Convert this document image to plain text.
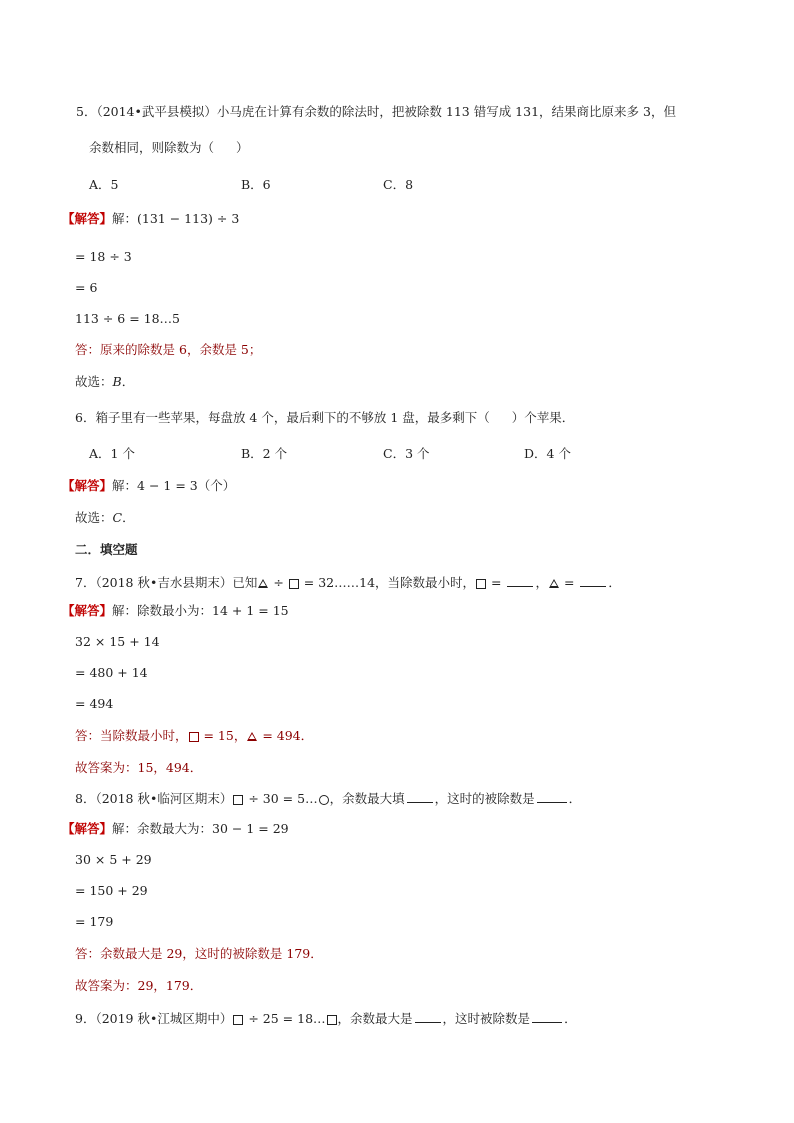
5．（2014•武平县模拟）小马虎在计算有余数的除法时，把被除数 113 错写成 131，结果商比原来多 3，但
余数相同，则除数为（ ）
A．5	B．6	C．8
【解答】解：(131 − 113) ÷ 3
= 18 ÷ 3
= 6
113 ÷ 6 = 18…5
答：原来的除数是 6，余数是 5；
故选：B．
6．箱子里有一些苹果，每盘放 4 个，最后剩下的不够放 1 盘，最多剩下（ ）个苹果．
A．1 个	B．2 个	C．3 个	D．4 个
【解答】解：4 − 1 = 3（个）
故选：C．
二．填空题
7．（2018 秋•吉水县期末）已知 ÷  = 32……14，当除数最小时， = ， = ．
【解答】解：除数最小为：14 + 1 = 15
32 × 15 + 14
= 480 + 14
= 494
答：当除数最小时， = 15， = 494．
故答案为：15，494．
8．（2018 秋•临河区期末） ÷ 30 = 5… ，余数最大填 ，这时的被除数是	．
【解答】解：余数最大为：30 − 1 = 29
30 × 5 + 29
= 150 + 29
= 179
答：余数最大是 29，这时的被除数是 179．
故答案为：29，179．
9．（2019 秋•江城区期中） ÷ 25 = 18… ，余数最大是 ，这时被除数是	．
